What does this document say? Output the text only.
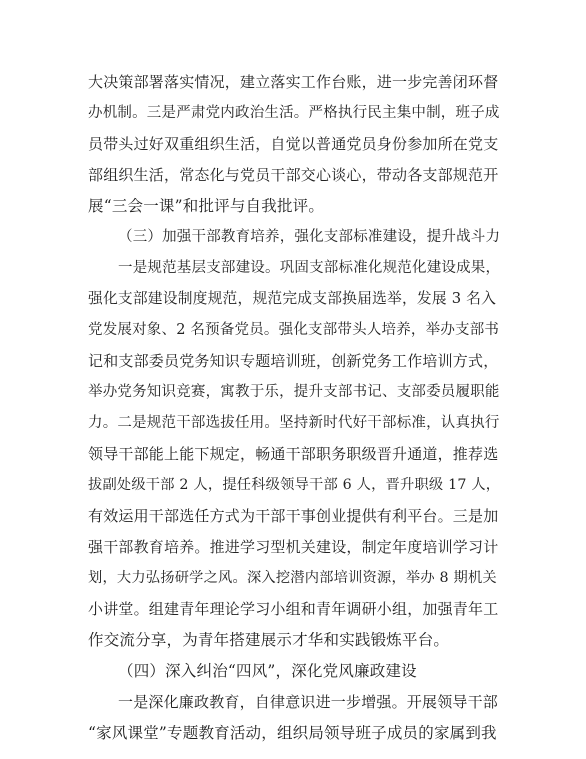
大决策部署落实情况，建立落实工作台账，进一步完善闭环督
办机制。三是严肃党内政治生活。严格执行民主集中制，班子成
员带头过好双重组织生活，自觉以普通党员身份参加所在党支
部组织生活，常态化与党员干部交心谈心，带动各支部规范开
展“三会一课”和批评与自我批评。
（三）加强干部教育培养，强化支部标准建设，提升战斗力
一是规范基层支部建设。巩固支部标准化规范化建设成果，
强化支部建设制度规范，规范完成支部换届选举，发展 3 名入
党发展对象、2 名预备党员。强化支部带头人培养，举办支部书
记和支部委员党务知识专题培训班，创新党务工作培训方式，
举办党务知识竞赛，寓教于乐，提升支部书记、支部委员履职能
力。二是规范干部选拔任用。坚持新时代好干部标准，认真执行
领导干部能上能下规定，畅通干部职务职级晋升通道，推荐选
拔副处级干部 2 人，提任科级领导干部 6 人，晋升职级 17 人，
有效运用干部选任方式为干部干事创业提供有利平台。三是加
强干部教育培养。推进学习型机关建设，制定年度培训学习计
划，大力弘扬研学之风。深入挖潜内部培训资源，举办 8 期机关
小讲堂。组建青年理论学习小组和青年调研小组，加强青年工
作交流分享，为青年搭建展示才华和实践锻炼平台。
（四）深入纠治“四风”，深化党风廉政建设
一是深化廉政教育，自律意识进一步增强。开展领导干部
“家风课堂”专题教育活动，组织局领导班子成员的家属到我
